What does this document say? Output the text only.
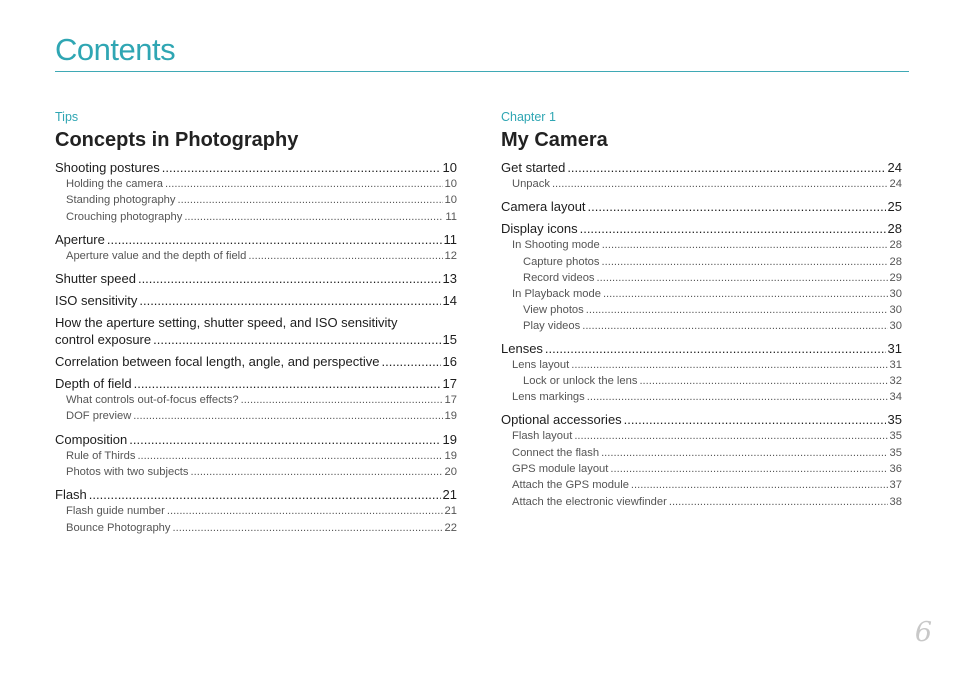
Contents

Tips

Concepts in Photography
Shooting postures .....	10
Holding the camera .....	10
Standing photography .....	10
Crouching photography .....	11
Aperture .....	11
Aperture value and the depth of field .....	12
Shutter speed .....	13
ISO sensitivity .....	14
How the aperture setting, shutter speed, and ISO sensitivity
control exposure .....	15
Correlation between focal length, angle, and perspective .....	16
Depth of field .....	17
What controls out-of-focus effects? .....	17
DOF preview .....	19
Composition .....	19
Rule of Thirds .....	19
Photos with two subjects .....	20
Flash .....	21
Flash guide number .....	21
Bounce Photography .....	22

Chapter 1

My Camera
Get started .....	24
Unpack .....	24
Camera layout .....	25
Display icons .....	28
In Shooting mode .....	28
Capture photos .....	28
Record videos .....	29
In Playback mode .....	30
View photos .....	30
Play videos .....	30
Lenses .....	31
Lens layout .....	31
Lock or unlock the lens .....	32
Lens markings .....	34
Optional accessories .....	35
Flash layout .....	35
Connect the flash .....	35
GPS module layout .....	36
Attach the GPS module .....	37
Attach the electronic viewfinder .....	38
6
